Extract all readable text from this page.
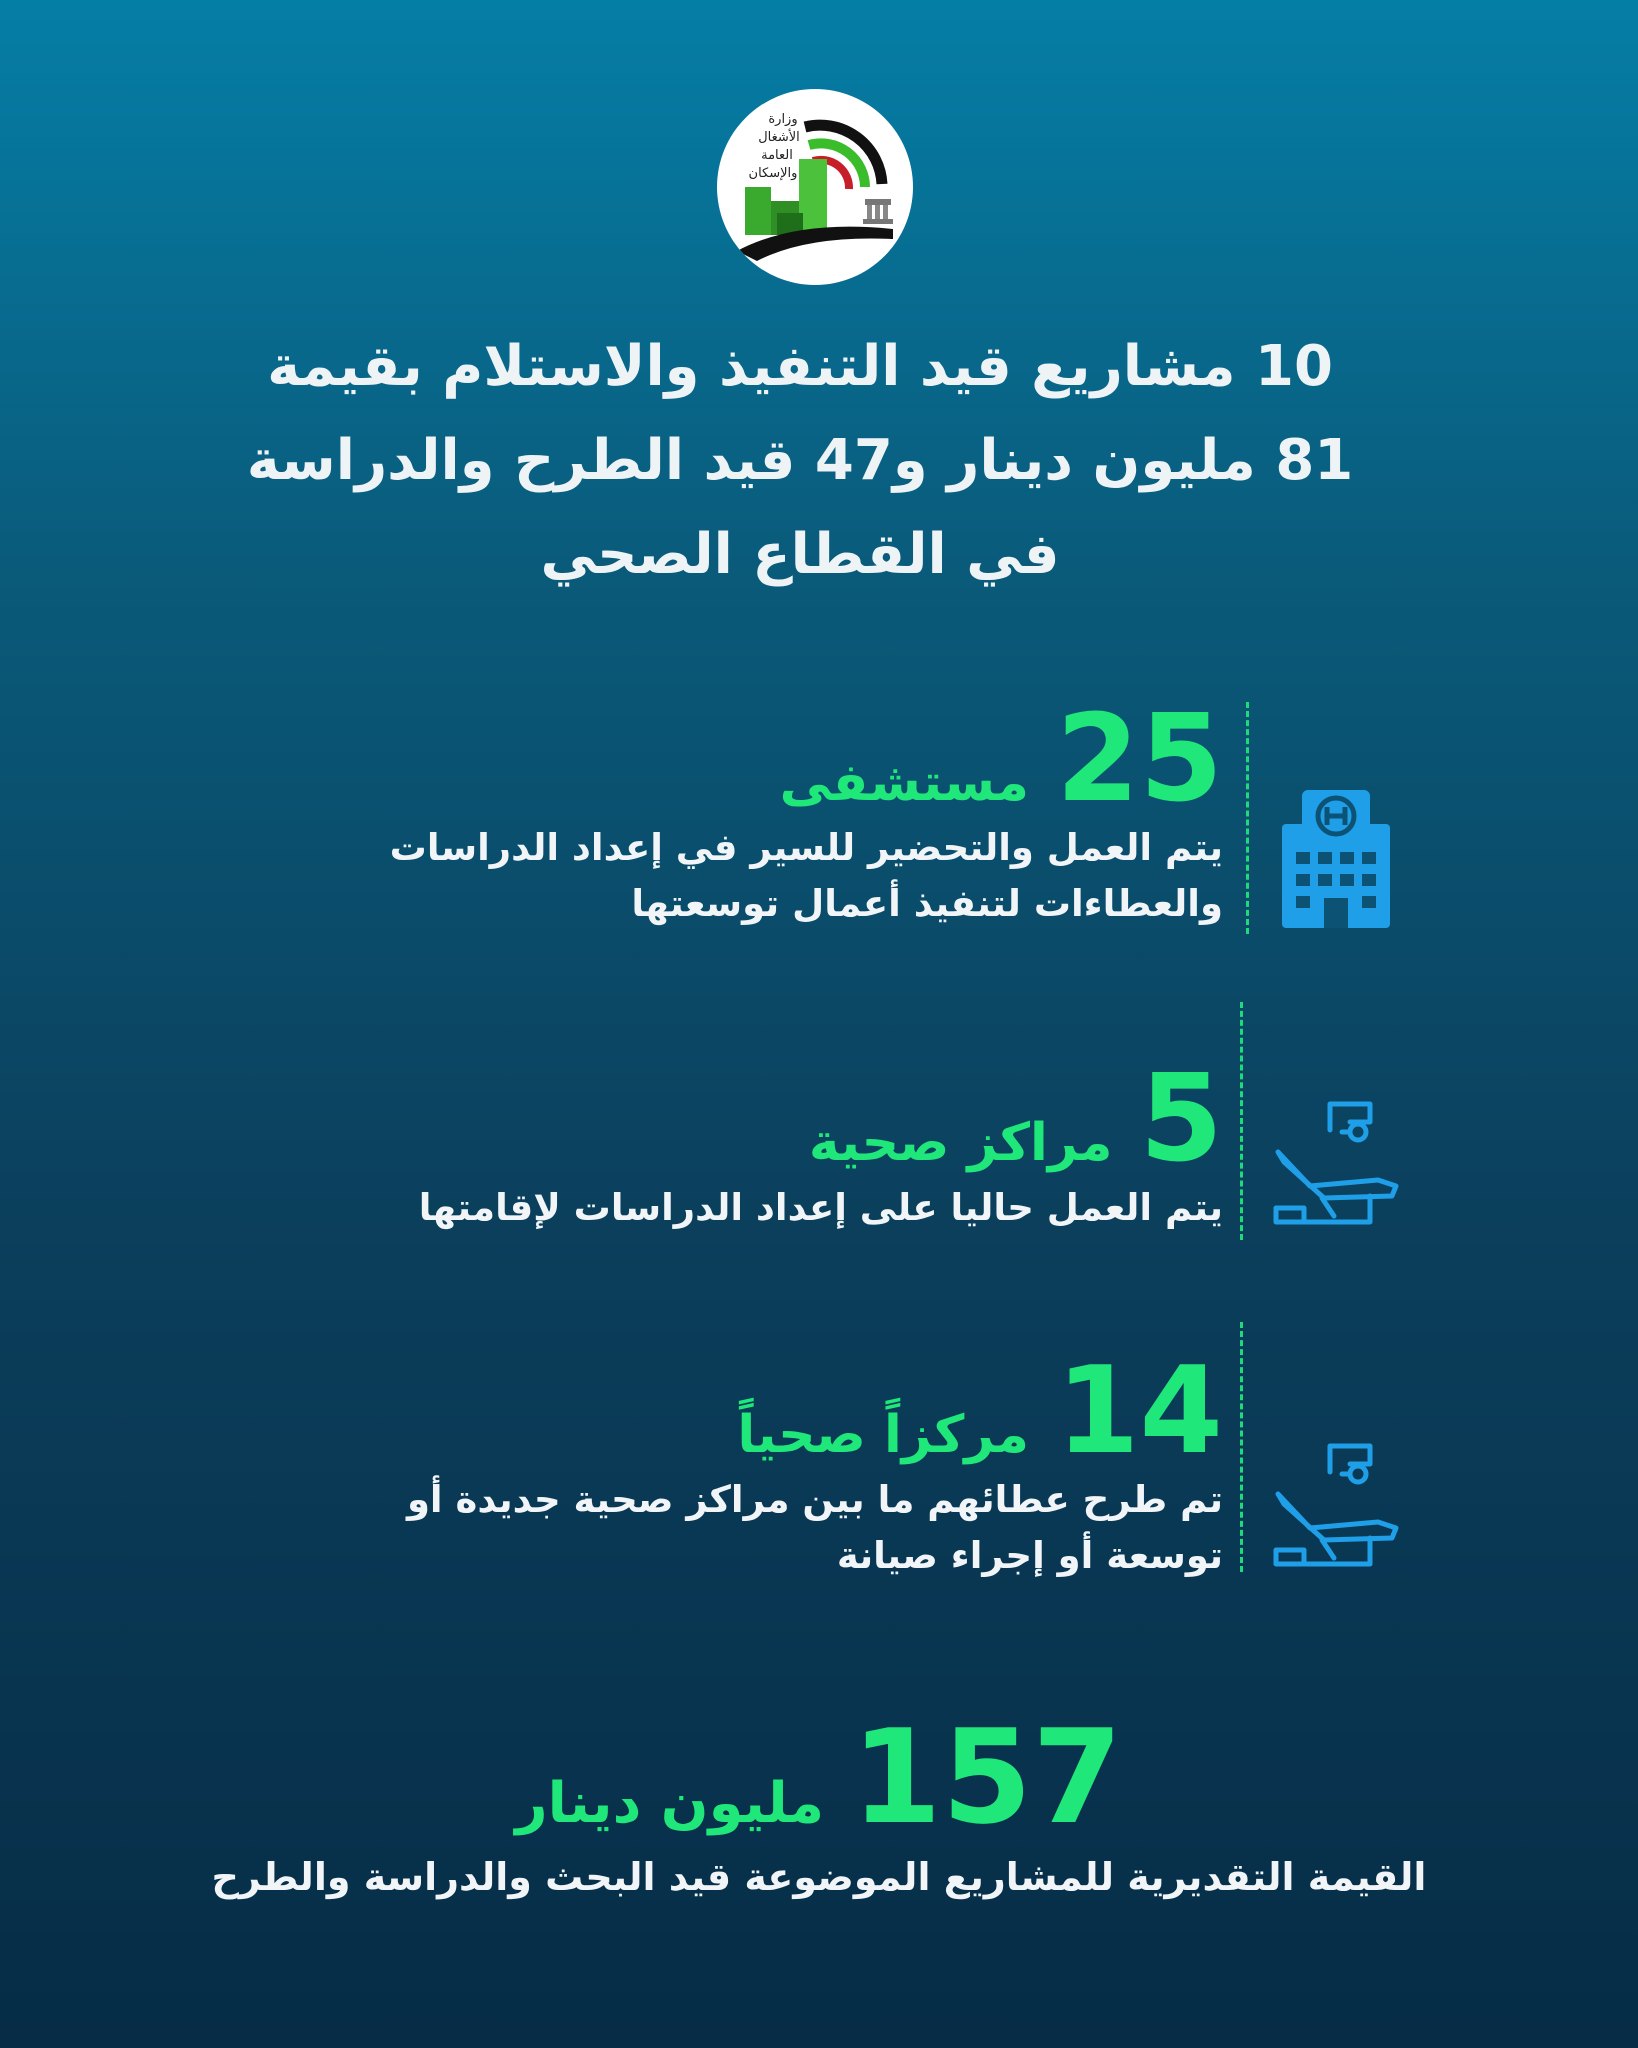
وزارة
الأشغال
العامة
والإسكان
10 مشاريع قيد التنفيذ والاستلام بقيمة
81 مليون دينار و47 قيد الطرح والدراسة
في القطاع الصحي
25 مستشفى
يتم العمل والتحضير للسير في إعداد الدراسات
والعطاءات لتنفيذ أعمال توسعتها
5 مراكز صحية
يتم العمل حاليا على إعداد الدراسات لإقامتها
14 مركزاً صحياً
تم طرح عطائهم ما بين مراكز صحية جديدة أو
توسعة أو إجراء صيانة
157 مليون دينار
القيمة التقديرية للمشاريع الموضوعة قيد البحث والدراسة والطرح
